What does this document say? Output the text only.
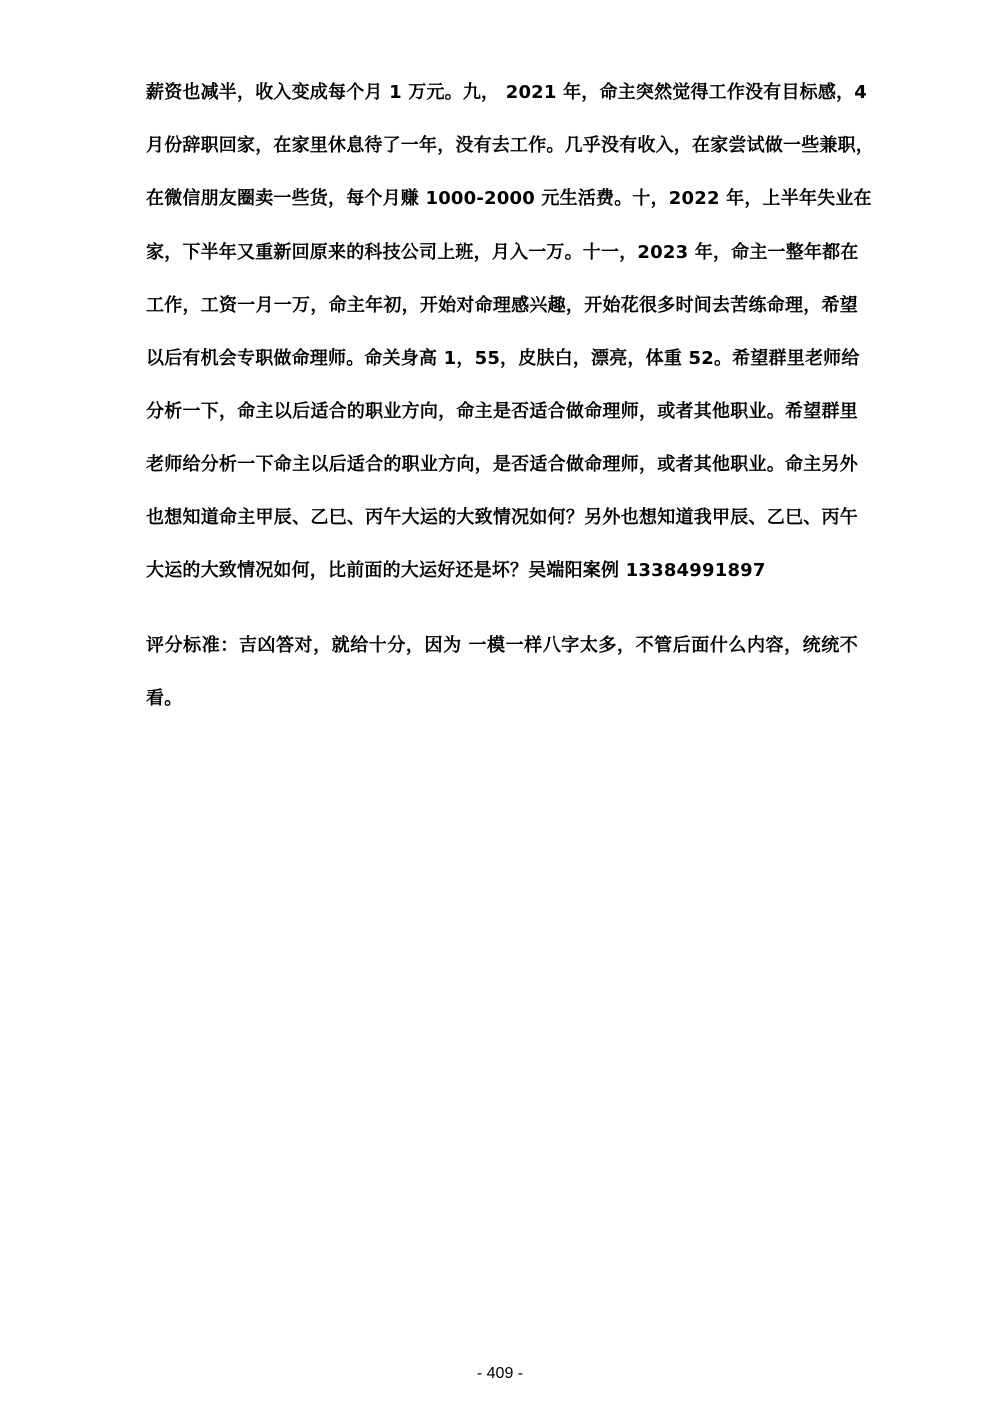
薪资也减半，收入变成每个月 1 万元。九， 2021 年，命主突然觉得工作没有目标感，4
月份辞职回家，在家里休息待了一年，没有去工作。几乎没有收入，在家尝试做一些兼职，
在微信朋友圈卖一些货，每个月赚 1000-2000 元生活费。十，2022 年，上半年失业在
家，下半年又重新回原来的科技公司上班，月入一万。十一，2023 年，命主一整年都在
工作，工资一月一万，命主年初，开始对命理感兴趣，开始花很多时间去苦练命理，希望
以后有机会专职做命理师。命关身高 1，55，皮肤白，漂亮，体重 52。希望群里老师给
分析一下，命主以后适合的职业方向，命主是否适合做命理师，或者其他职业。希望群里
老师给分析一下命主以后适合的职业方向，是否适合做命理师，或者其他职业。命主另外
也想知道命主甲辰、乙巳、丙午大运的大致情况如何？另外也想知道我甲辰、乙巳、丙午
大运的大致情况如何，比前面的大运好还是坏？吴端阳案例 13384991897
评分标准：吉凶答对，就给十分，因为 一模一样八字太多，不管后面什么内容，统统不
看。
- 409 -
